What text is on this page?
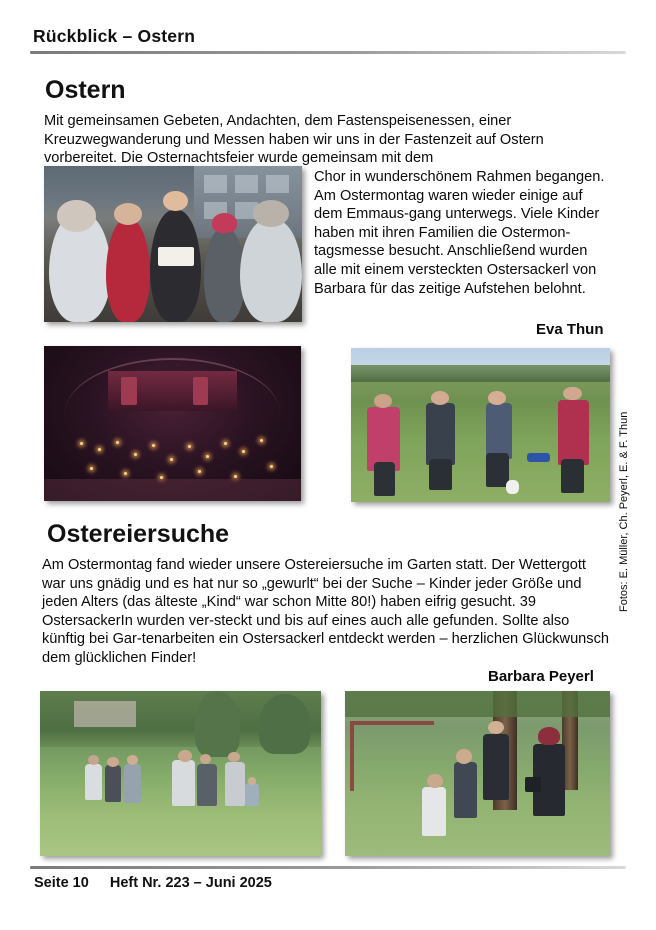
Rückblick – Ostern
Ostern
Mit gemeinsamen Gebeten, Andachten, dem Fastenspeisenessen, einer Kreuzwegwanderung und Messen haben wir uns in der Fastenzeit auf Ostern vorbereitet. Die Osternachtsfeier wurde gemeinsam mit dem
Chor in wunderschönem Rahmen begangen. Am Ostermontag waren wieder einige auf dem Emmaus-gang unterwegs. Viele Kinder haben mit ihren Familien die Ostermon-tagsmesse besucht. Anschließend wurden alle mit einem versteckten Ostersackerl von Barbara für das zeitige Aufstehen belohnt.
Eva Thun
Ostereiersuche
Am Ostermontag fand wieder unsere Ostereiersuche im Garten statt. Der Wettergott war uns gnädig und es hat nur so „gewurlt“ bei der Suche – Kinder jeder Größe und jeden Alters (das älteste „Kind“ war schon Mitte 80!) haben eifrig gesucht. 39 OstersackerIn wurden ver-steckt und bis auf eines auch alle gefunden. Sollte also künftig bei Gar-tenarbeiten ein Ostersackerl entdeckt werden – herzlichen Glückwunsch dem glücklichen Finder!
Barbara Peyerl
Fotos: E. Müller, Ch. Peyerl, E. & F. Thun
Seite 10 Heft Nr. 223 – Juni 2025
